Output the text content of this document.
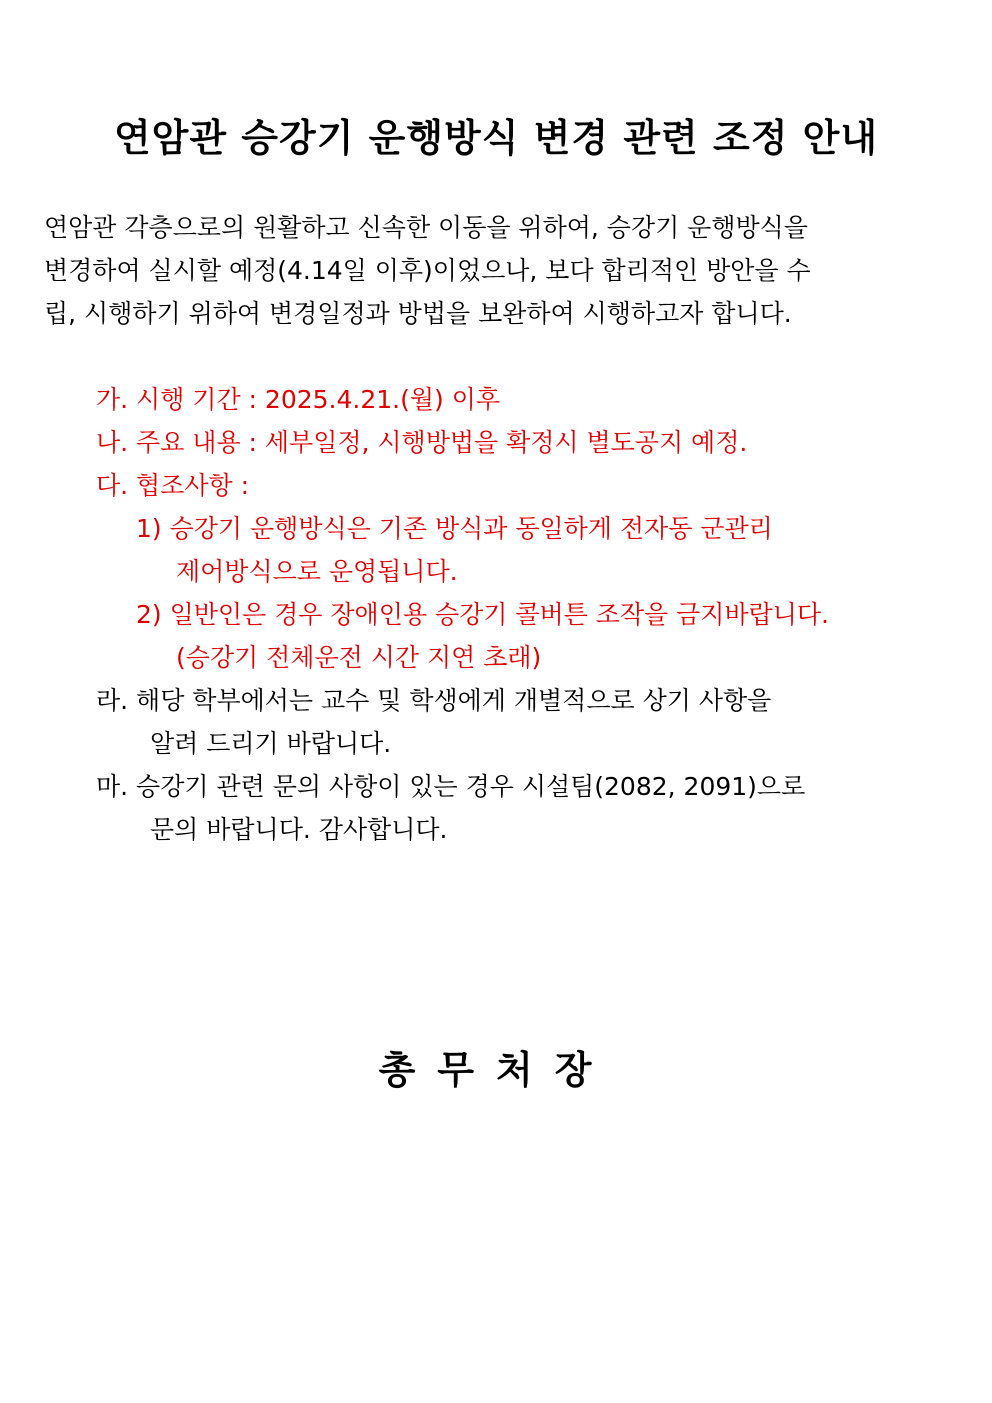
연암관 승강기 운행방식 변경 관련 조정 안내
연암관 각층으로의 원활하고 신속한 이동을 위하여, 승강기 운행방식을
변경하여 실시할 예정(4.14일 이후)이었으나, 보다 합리적인 방안을 수
립, 시행하기 위하여 변경일정과 방법을 보완하여 시행하고자 합니다.
가. 시행 기간 : 2025.4.21.(월) 이후
나. 주요 내용 : 세부일정, 시행방법을 확정시 별도공지 예정.
다. 협조사항 :
1) 승강기 운행방식은 기존 방식과 동일하게 전자동 군관리
제어방식으로 운영됩니다.
2) 일반인은 경우 장애인용 승강기 콜버튼 조작을 금지바랍니다.
(승강기 전체운전 시간 지연 초래)
라. 해당 학부에서는 교수 및 학생에게 개별적으로 상기 사항을
알려 드리기 바랍니다.
마. 승강기 관련 문의 사항이 있는 경우 시설팀(2082, 2091)으로
문의 바랍니다. 감사합니다.
총무처장
